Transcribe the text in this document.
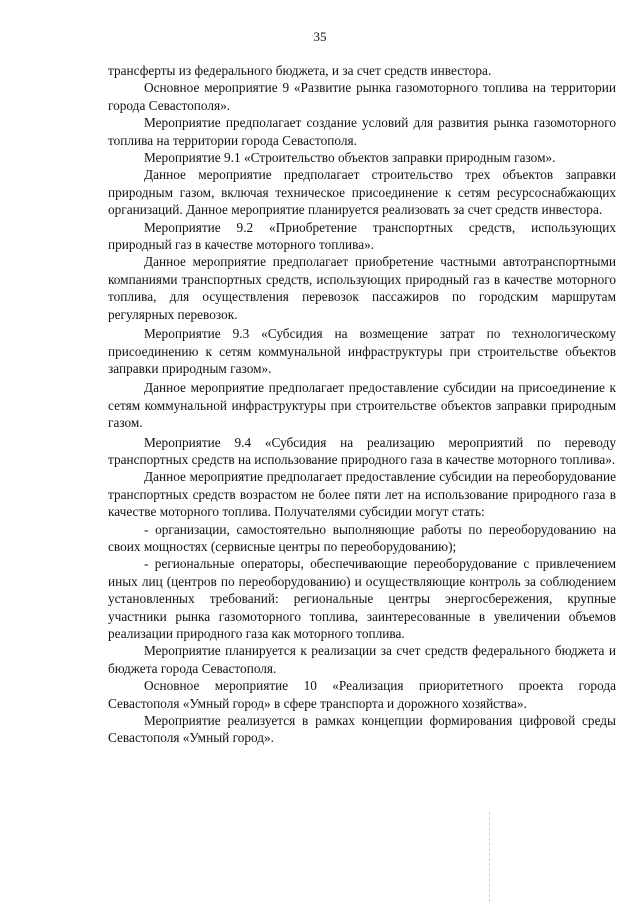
35

трансферты из федерального бюджета, и за счет средств инвестора.

Основное мероприятие 9 «Развитие рынка газомоторного топлива на территории города Севастополя».

Мероприятие предполагает создание условий для развития рынка газомоторного топлива на территории города Севастополя.

Мероприятие 9.1 «Строительство объектов заправки природным газом».

Данное мероприятие предполагает строительство трех объектов заправки природным газом, включая техническое присоединение к сетям ресурсоснабжающих организаций. Данное мероприятие планируется реализовать за счет средств инвестора.

Мероприятие 9.2 «Приобретение транспортных средств, использующих природный газ в качестве моторного топлива».

Данное мероприятие предполагает приобретение частными автотранспортными компаниями транспортных средств, использующих природный газ в качестве моторного топлива, для осуществления перевозок пассажиров по городским маршрутам регулярных перевозок.

Мероприятие 9.3 «Субсидия на возмещение затрат по технологическому присоединению к сетям коммунальной инфраструктуры при строительстве объектов заправки природным газом».

Данное мероприятие предполагает предоставление субсидии на присоединение к сетям коммунальной инфраструктуры при строительстве объектов заправки природным газом.

Мероприятие 9.4 «Субсидия на реализацию мероприятий по переводу транспортных средств на использование природного газа в качестве моторного топлива».

Данное мероприятие предполагает предоставление субсидии на переоборудование транспортных средств возрастом не более пяти лет на использование природного газа в качестве моторного топлива. Получателями субсидии могут стать:

- организации, самостоятельно выполняющие работы по переоборудованию на своих мощностях (сервисные центры по переоборудованию);

- региональные операторы, обеспечивающие переоборудование с привлечением иных лиц (центров по переоборудованию) и осуществляющие контроль за соблюдением установленных требований: региональные центры энергосбережения, крупные участники рынка газомоторного топлива, заинтересованные в увеличении объемов реализации природного газа как моторного топлива.

Мероприятие планируется к реализации за счет средств федерального бюджета и бюджета города Севастополя.

Основное мероприятие 10 «Реализация приоритетного проекта города Севастополя «Умный город» в сфере транспорта и дорожного хозяйства».

Мероприятие реализуется в рамках концепции формирования цифровой среды Севастополя «Умный город».
